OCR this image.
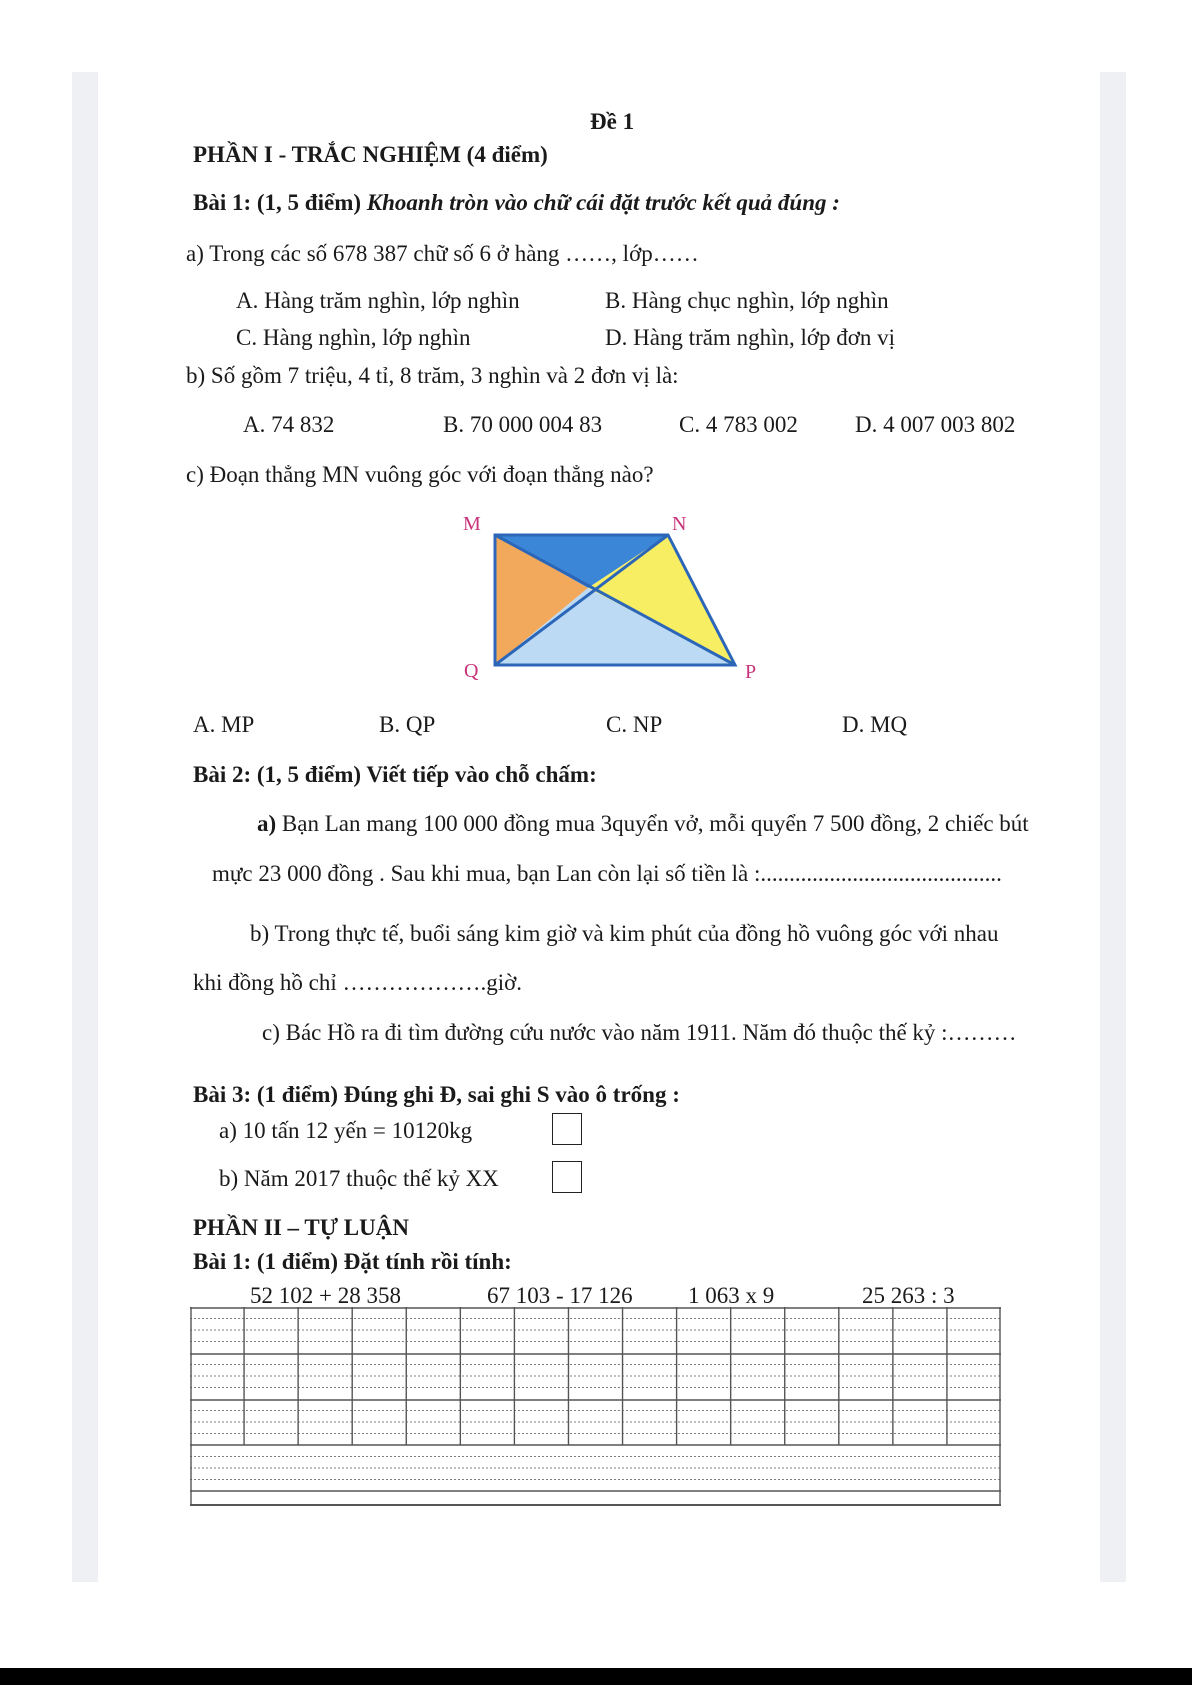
Đề 1
PHẦN I - TRẮC NGHIỆM (4 điểm)
Bài 1: (1, 5 điểm) Khoanh tròn vào chữ cái đặt trước kết quả đúng :
a) Trong các số 678 387 chữ số 6 ở hàng ……, lớp……
A. Hàng trăm nghìn, lớp nghìn	B. Hàng chục nghìn, lớp nghìn
C. Hàng nghìn, lớp nghìn	D. Hàng trăm nghìn, lớp đơn vị
b) Số gồm 7 triệu, 4 tỉ, 8 trăm, 3 nghìn và 2 đơn vị là:
A. 74 832	B. 70 000 004 83	C. 4 783 002 D. 4 007 003 802
c) Đoạn thẳng MN vuông góc với đoạn thẳng nào?
M	N
Q	P
A. MP	B. QP	C. NP	D. MQ
Bài 2: (1, 5 điểm) Viết tiếp vào chỗ chấm:
a) Bạn Lan mang 100 000 đồng mua 3quyển vở, mỗi quyển 7 500 đồng, 2 chiếc bút
mực 23 000 đồng . Sau khi mua, bạn Lan còn lại số tiền là :..........................................
b) Trong thực tế, buổi sáng kim giờ và kim phút của đồng hồ vuông góc với nhau
khi đồng hồ chỉ ……………….giờ.
c) Bác Hồ ra đi tìm đường cứu nước vào năm 1911. Năm đó thuộc thế kỷ :………
Bài 3: (1 điểm) Đúng ghi Đ, sai ghi S vào ô trống :
a) 10 tấn 12 yến = 10120kg
b) Năm 2017 thuộc thế kỷ XX
PHẦN II – TỰ LUẬN
Bài 1: (1 điểm) Đặt tính rồi tính:
52 102 + 28 358	67 103 - 17 126 1 063 x 9	25 263 : 3
